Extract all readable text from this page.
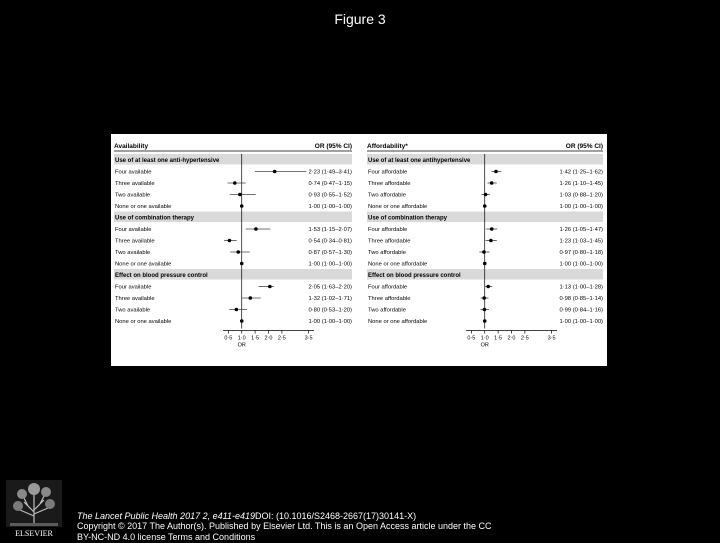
Figure 3
Availability	OR (95% CI)
Use of at least one anti-hypertensive
Four available	2·23 (1·49–3·41)
Three available	0·74 (0·47–1·15)
Two available	0·93 (0·55–1·52)
None or one available	1·00 (1·00–1·00)
Use of combination therapy
Four available	1·53 (1·15–2·07)
Three available	0·54 (0·34–0·81)
Two available	0·87 (0·57–1·30)
None or one available	1·00 (1·00–1·00)
Effect on blood pressure control
Four available	2·05 (1·63–2·20)
Three available	1·32 (1·02–1·71)
Two available	0·80 (0·53–1·20)
None or one available	1·00 (1·00–1·00)
0·5 1·0 1·5 2·0 2·5	3·5
OR
Affordability*	OR (95% CI)
Use of at least one antihypertensive
Four affordable	1·42 (1·25–1·62)
Three affordable	1·26 (1·10–1·45)
Two affordable	1·03 (0·88–1·20)
None or one affordable	1·00 (1·00–1·00)
Use of combination therapy
Four affordable	1·26 (1·05–1·47)
Three affordable	1·23 (1·03–1·45)
Two affordable	0·97 (0·80–1·18)
None or one affordable	1·00 (1·00–1·00)
Effect on blood pressure control
Four affordable	1·13 (1·00–1·28)
Three affordable	0·98 (0·85–1·14)
Two affordable	0·99 (0·84–1·16)
None or one affordable	1·00 (1·00–1·00)
0·5 1·0 1·5 2·0 2·5	3·5
OR
ELSEVIER
The Lancet Public Health 2017 2, e411-e419DOI: (10.1016/S2468-2667(17)30141-X)
Copyright © 2017 The Author(s). Published by Elsevier Ltd. This is an Open Access article under the CC
BY-NC-ND 4.0 license Terms and Conditions
